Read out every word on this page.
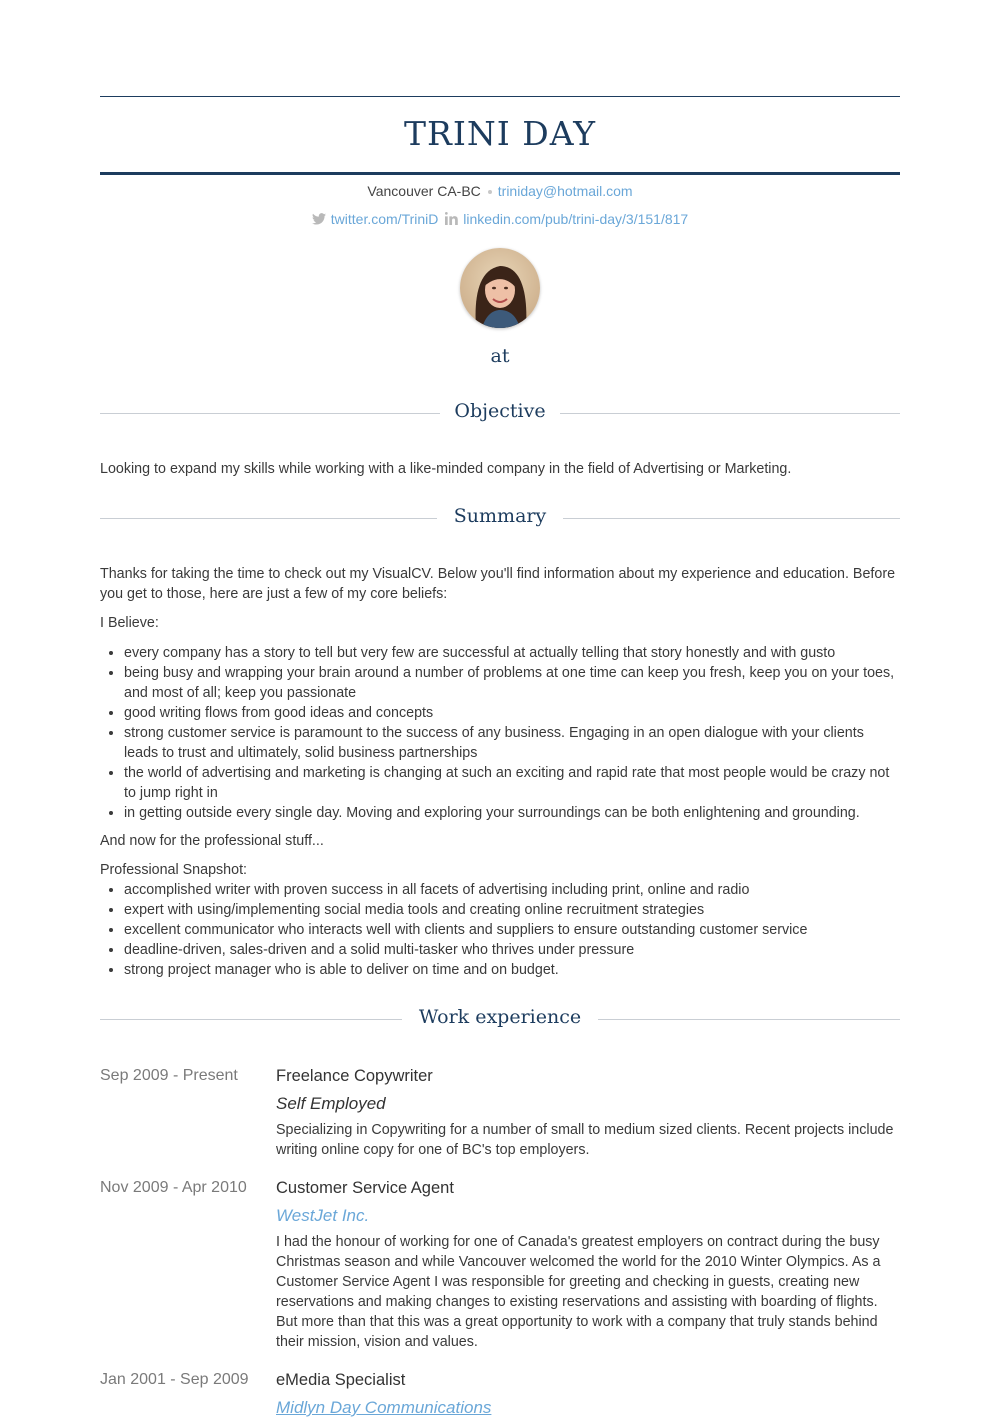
TRINI DAY
Vancouver CA-BC triniday@hotmail.com
twitter.com/TriniD linkedin.com/pub/trini-day/3/151/817
at
Objective
Looking to expand my skills while working with a like-minded company in the field of Advertising or Marketing.
Summary
Thanks for taking the time to check out my VisualCV. Below you'll find information about my experience and education. Before you get to those, here are just a few of my core beliefs:
I Believe:
• every company has a story to tell but very few are successful at actually telling that story honestly and with gusto
• being busy and wrapping your brain around a number of problems at one time can keep you fresh, keep you on your toes, and most of all; keep you passionate
• good writing flows from good ideas and concepts
• strong customer service is paramount to the success of any business. Engaging in an open dialogue with your clients leads to trust and ultimately, solid business partnerships
• the world of advertising and marketing is changing at such an exciting and rapid rate that most people would be crazy not to jump right in
• in getting outside every single day. Moving and exploring your surroundings can be both enlightening and grounding.
And now for the professional stuff...
Professional Snapshot:
• accomplished writer with proven success in all facets of advertising including print, online and radio
• expert with using/implementing social media tools and creating online recruitment strategies
• excellent communicator who interacts well with clients and suppliers to ensure outstanding customer service
• deadline-driven, sales-driven and a solid multi-tasker who thrives under pressure
• strong project manager who is able to deliver on time and on budget.
Work experience
Sep 2009 - Present	Freelance Copywriter
Self Employed
Specializing in Copywriting for a number of small to medium sized clients. Recent projects include writing online copy for one of BC's top employers.
Nov 2009 - Apr 2010	Customer Service Agent
WestJet Inc.
I had the honour of working for one of Canada's greatest employers on contract during the busy Christmas season and while Vancouver welcomed the world for the 2010 Winter Olympics. As a Customer Service Agent I was responsible for greeting and checking in guests, creating new reservations and making changes to existing reservations and assisting with boarding of flights. But more than that this was a great opportunity to work with a company that truly stands behind their mission, vision and values.
Jan 2001 - Sep 2009	eMedia Specialist
Midlyn Day Communications
